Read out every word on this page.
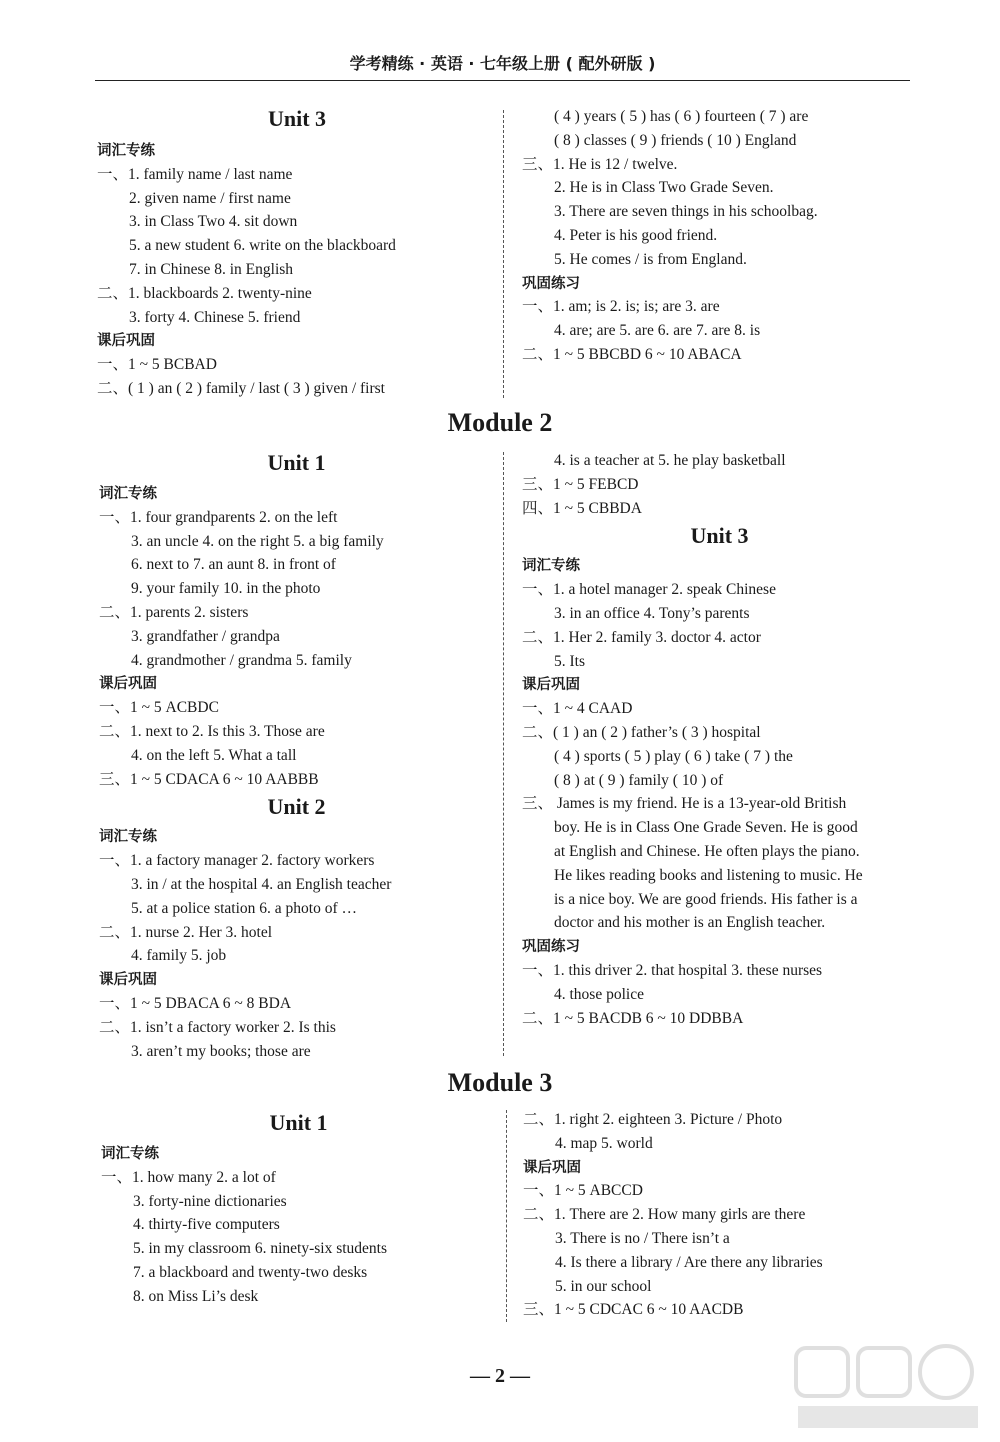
学考精练 · 英语 · 七年级上册 ( 配外研版 )
Unit 3
词汇专练
一、1. family name / last name
2. given name / first name
3. in Class Two 4. sit down
5. a new student 6. write on the blackboard
7. in Chinese 8. in English
二、1. blackboards 2. twenty-nine
3. forty 4. Chinese 5. friend
课后巩固
一、1 ~ 5 BCBAD
二、( 1 ) an ( 2 ) family / last ( 3 ) given / first
( 4 ) years ( 5 ) has ( 6 ) fourteen ( 7 ) are
( 8 ) classes ( 9 ) friends ( 10 ) England
三、1. He is 12 / twelve.
2. He is in Class Two Grade Seven.
3. There are seven things in his schoolbag.
4. Peter is his good friend.
5. He comes / is from England.
巩固练习
一、1. am; is 2. is; is; are 3. are
4. are; are 5. are 6. are 7. are 8. is
二、1 ~ 5 BBCBD 6 ~ 10 ABACA
Module 2
Unit 1
词汇专练
一、1. four grandparents 2. on the left
3. an uncle 4. on the right 5. a big family
6. next to 7. an aunt 8. in front of
9. your family 10. in the photo
二、1. parents 2. sisters
3. grandfather / grandpa
4. grandmother / grandma 5. family
课后巩固
一、1 ~ 5 ACBDC
二、1. next to 2. Is this 3. Those are
4. on the left 5. What a tall
三、1 ~ 5 CDACA 6 ~ 10 AABBB
Unit 2
词汇专练
一、1. a factory manager 2. factory workers
3. in / at the hospital 4. an English teacher
5. at a police station 6. a photo of …
二、1. nurse 2. Her 3. hotel
4. family 5. job
课后巩固
一、1 ~ 5 DBACA 6 ~ 8 BDA
二、1. isn’t a factory worker 2. Is this
3. aren’t my books; those are
4. is a teacher at 5. he play basketball
三、1 ~ 5 FEBCD
四、1 ~ 5 CBBDA
Unit 3
词汇专练
一、1. a hotel manager 2. speak Chinese
3. in an office 4. Tony’s parents
二、1. Her 2. family 3. doctor 4. actor
5. Its
课后巩固
一、1 ~ 4 CAAD
二、( 1 ) an ( 2 ) father’s ( 3 ) hospital
( 4 ) sports ( 5 ) play ( 6 ) take ( 7 ) the
( 8 ) at ( 9 ) family ( 10 ) of
三、 James is my friend. He is a 13-year-old British
boy. He is in Class One Grade Seven. He is good
at English and Chinese. He often plays the piano.
He likes reading books and listening to music. He
is a nice boy. We are good friends. His father is a
doctor and his mother is an English teacher.
巩固练习
一、1. this driver 2. that hospital 3. these nurses
4. those police
二、1 ~ 5 BACDB 6 ~ 10 DDBBA
Module 3
Unit 1
词汇专练
一、1. how many 2. a lot of
3. forty-nine dictionaries
4. thirty-five computers
5. in my classroom 6. ninety-six students
7. a blackboard and twenty-two desks
8. on Miss Li’s desk
二、1. right 2. eighteen 3. Picture / Photo
4. map 5. world
课后巩固
一、1 ~ 5 ABCCD
二、1. There are 2. How many girls are there
3. There is no / There isn’t a
4. Is there a library / Are there any libraries
5. in our school
三、1 ~ 5 CDCAC 6 ~ 10 AACDB
— 2 —
